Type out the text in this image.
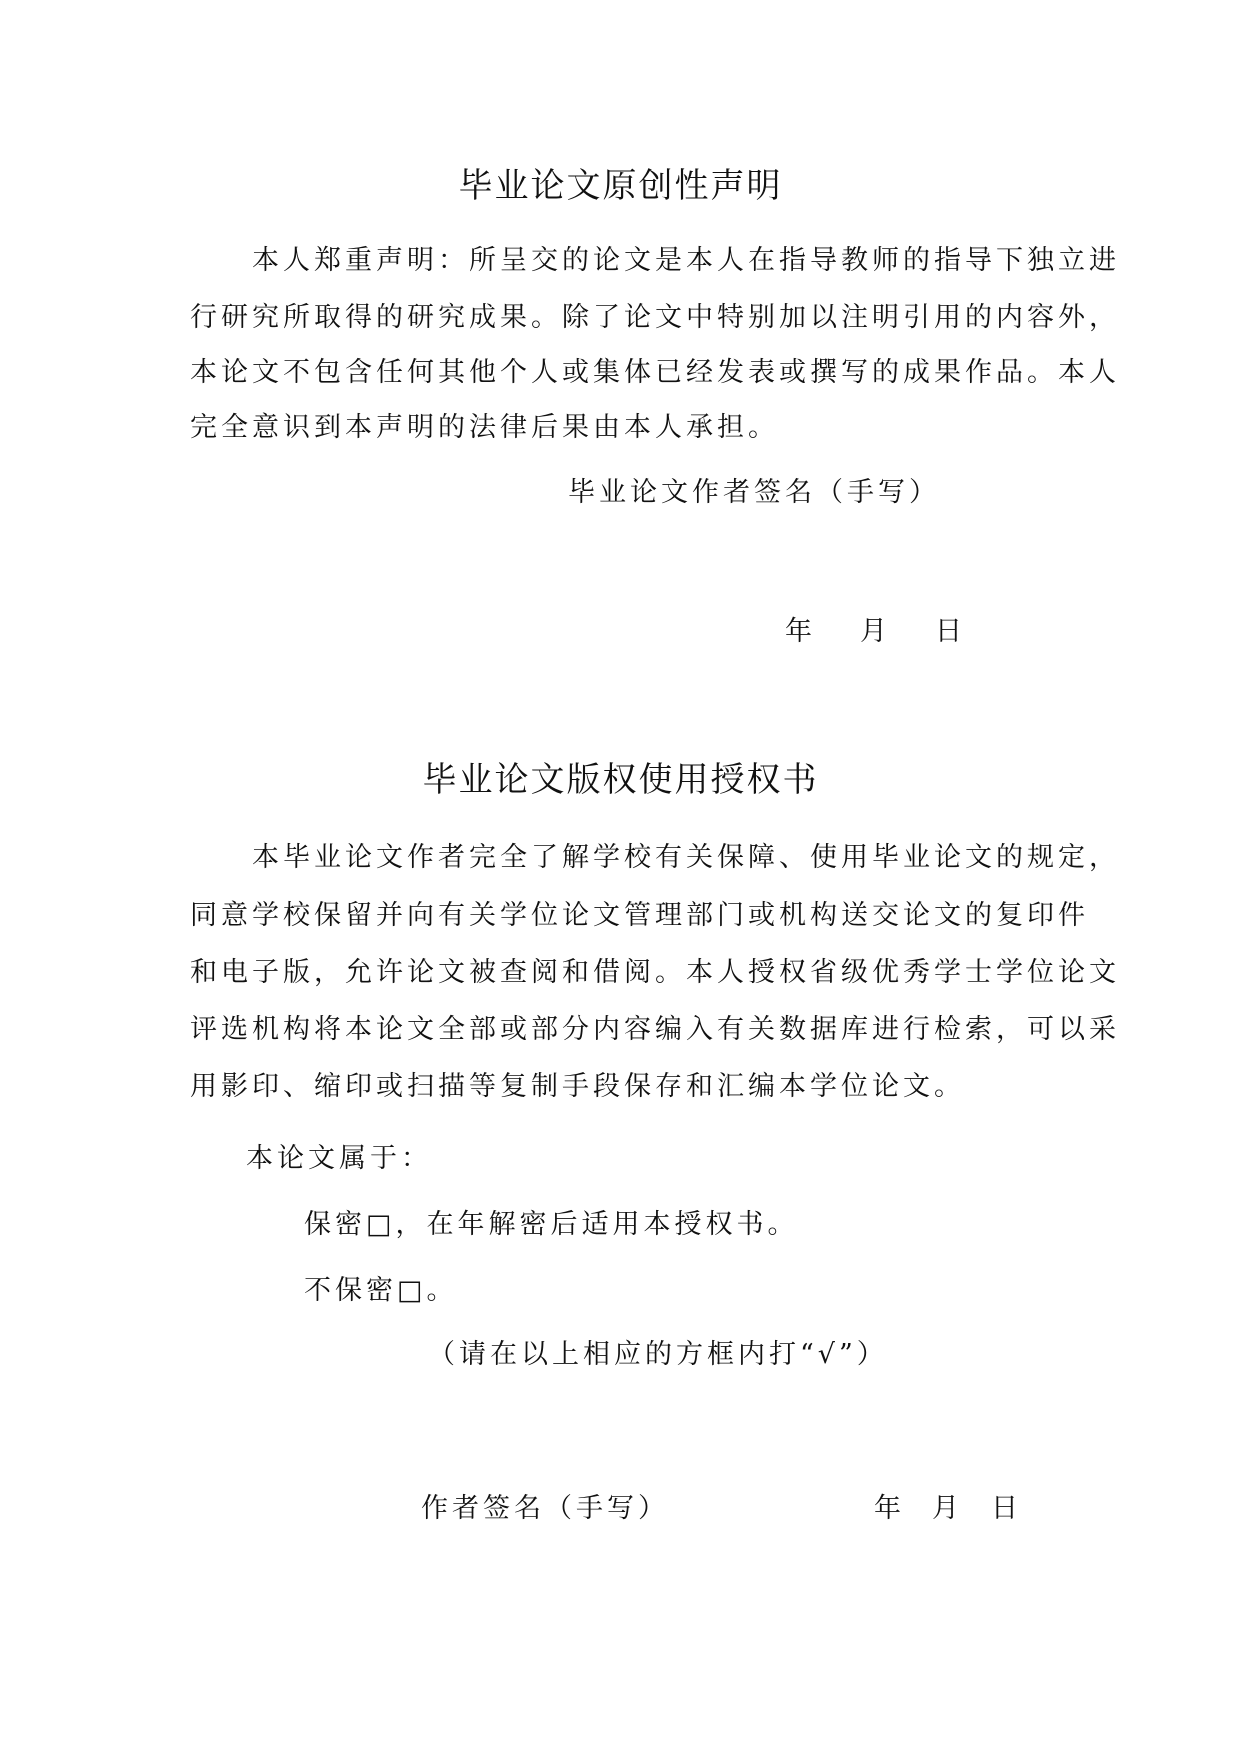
毕业论文原创性声明
　　本人郑重声明：所呈交的论文是本人在指导教师的指导下独立进
行研究所取得的研究成果。除了论文中特别加以注明引用的内容外，
本论文不包含任何其他个人或集体已经发表或撰写的成果作品。本人
完全意识到本声明的法律后果由本人承担。
毕业论文作者签名（手写）
年 月 日
毕业论文版权使用授权书
　　本毕业论文作者完全了解学校有关保障、使用毕业论文的规定，
同意学校保留并向有关学位论文管理部门或机构送交论文的复印件
和电子版，允许论文被查阅和借阅。本人授权省级优秀学士学位论文
评选机构将本论文全部或部分内容编入有关数据库进行检索，可以采
用影印、缩印或扫描等复制手段保存和汇编本学位论文。
本论文属于：
保密□，在年解密后适用本授权书。
不保密□。
（请在以上相应的方框内打“√”）
作者签名（手写）	年 月 日
